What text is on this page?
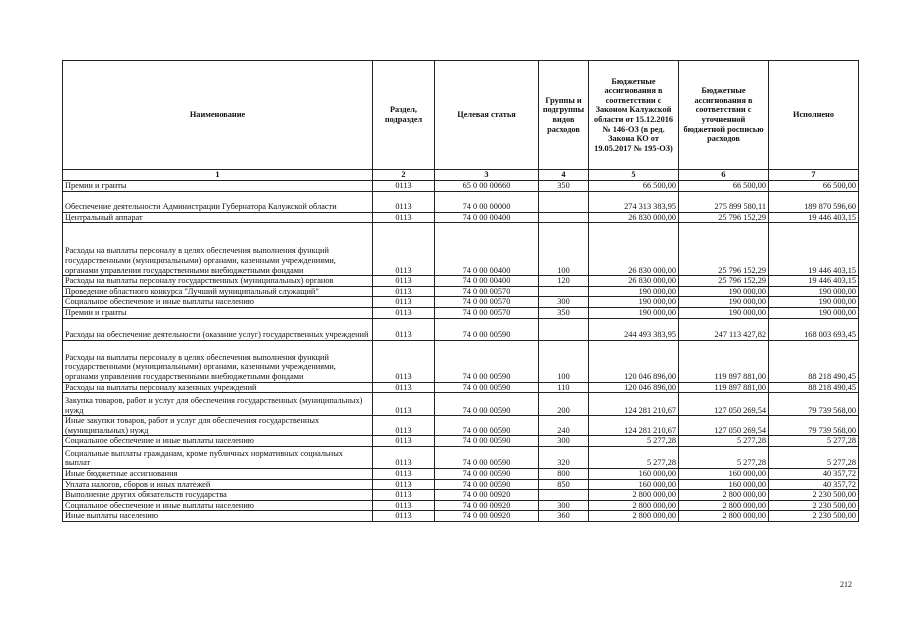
Наименование	Раздел, подраздел	Целевая статья	Группы и подгруппы видов расходов	Бюджетные ассигнования в соответствии с Законом Калужской области от 15.12.2016 № 146-ОЗ (в ред. Закона КО от 19.05.2017 № 195-ОЗ)	Бюджетные ассигнования в соответствии с уточненной бюджетной росписью расходов	Исполнено
1	2	3	4	5	6	7
Премии и гранты	0113	65 0 00 00660	350	66 500,00	66 500,00	66 500,00
Обеспечение деятельности Администрации Губернатора Калужской области	0113	74 0 00 00000		274 313 383,95	275 899 580,11	189 870 596,60
Центральный аппарат	0113	74 0 00 00400		26 830 000,00	25 796 152,29	19 446 403,15
Расходы на выплаты персоналу в целях обеспечения выполнения функций государственными (муниципальными) органами, казенными учреждениями, органами управления государственными внебюджетными фондами	0113	74 0 00 00400	100	26 830 000,00	25 796 152,29	19 446 403,15
Расходы на выплаты персоналу государственных (муниципальных) органов	0113	74 0 00 00400	120	26 830 000,00	25 796 152,29	19 446 403,15
Проведение областного конкурса "Лучший муниципальный служащий"	0113	74 0 00 00570		190 000,00	190 000,00	190 000,00
Социальное обеспечение и иные выплаты населению	0113	74 0 00 00570	300	190 000,00	190 000,00	190 000,00
Премии и гранты	0113	74 0 00 00570	350	190 000,00	190 000,00	190 000,00
Расходы на обеспечение деятельности (оказание услуг) государственных учреждений	0113	74 0 00 00590		244 493 383,95	247 113 427,82	168 003 693,45
Расходы на выплаты персоналу в целях обеспечения выполнения функций государственными (муниципальными) органами, казенными учреждениями, органами управления государственными внебюджетными фондами	0113	74 0 00 00590	100	120 046 896,00	119 897 881,00	88 218 490,45
Расходы на выплаты персоналу казенных учреждений	0113	74 0 00 00590	110	120 046 896,00	119 897 881,00	88 218 490,45
Закупка товаров, работ и услуг для обеспечения государственных (муниципальных) нужд	0113	74 0 00 00590	200	124 281 210,67	127 050 269,54	79 739 568,00
Иные закупки товаров, работ и услуг для обеспечения государственных (муниципальных) нужд	0113	74 0 00 00590	240	124 281 210,67	127 050 269,54	79 739 568,00
Социальное обеспечение и иные выплаты населению	0113	74 0 00 00590	300	5 277,28	5 277,28	5 277,28
Социальные выплаты гражданам, кроме публичных нормативных социальных выплат	0113	74 0 00 00590	320	5 277,28	5 277,28	5 277,28
Иные бюджетные ассигнования	0113	74 0 00 00590	800	160 000,00	160 000,00	40 357,72
Уплата налогов, сборов и иных платежей	0113	74 0 00 00590	850	160 000,00	160 000,00	40 357,72
Выполнение других обязательств государства	0113	74 0 00 00920		2 800 000,00	2 800 000,00	2 230 500,00
Социальное обеспечение и иные выплаты населению	0113	74 0 00 00920	300	2 800 000,00	2 800 000,00	2 230 500,00
Иные выплаты населению	0113	74 0 00 00920	360	2 800 000,00	2 800 000,00	2 230 500,00
212
